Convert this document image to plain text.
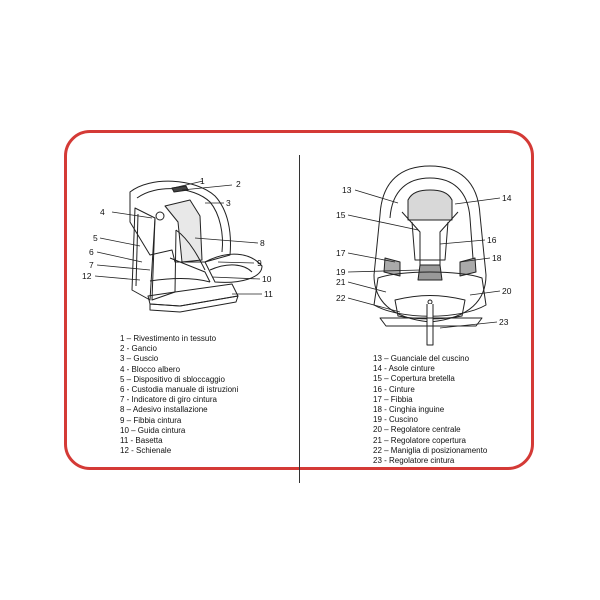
1	2
3
4
5
6
7
12
8
9
10
11
13
14
15
16
17	18
19
21
20
22
23
1 – Rivestimento in tessuto
2 - Gancio
3 – Guscio
4 - Blocco albero
5 – Dispositivo di sbloccaggio
6 - Custodia manuale di istruzioni
7 - Indicatore di giro cintura
8 – Adesivo installazione
9 – Fibbia cintura
10 – Guida cintura
11 - Basetta
12 - Schienale
13 – Guanciale del cuscino
14 - Asole cinture
15 – Copertura bretella
16 - Cinture
17 – Fibbia
18 - Cinghia inguine
19 - Cuscino
20 – Regolatore centrale
21 – Regolatore copertura
22 – Maniglia di posizionamento
23 - Regolatore cintura
